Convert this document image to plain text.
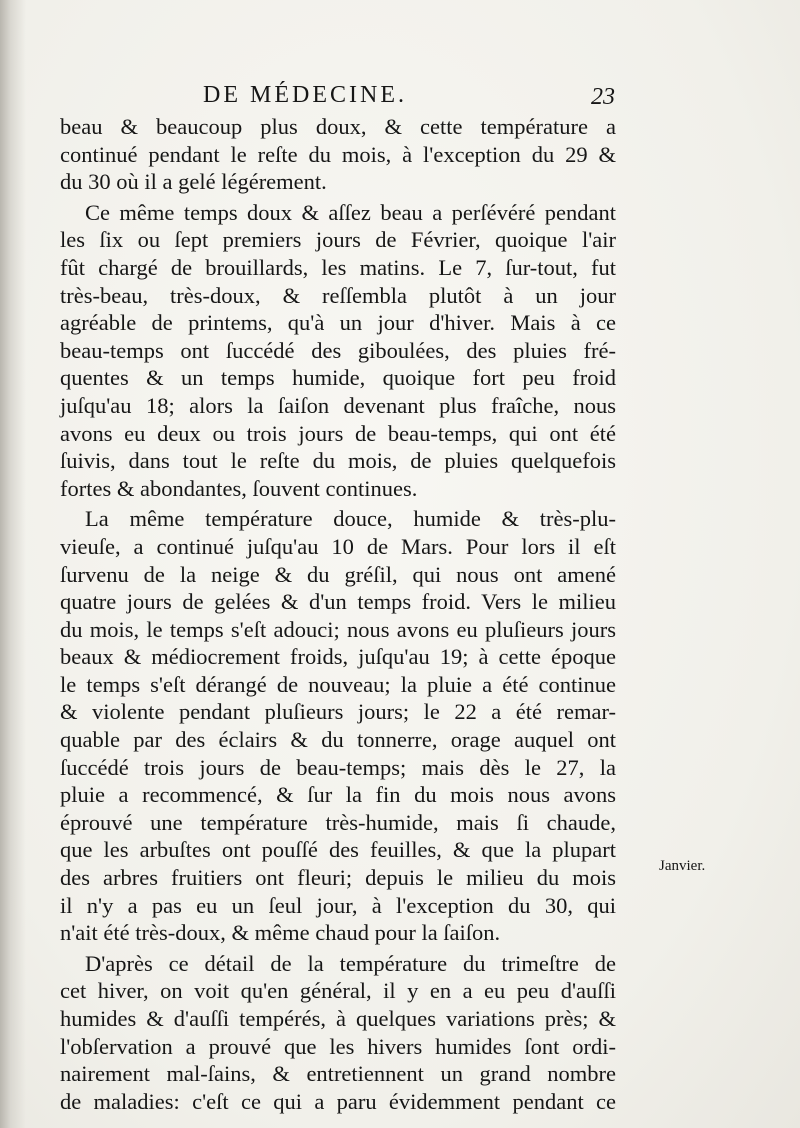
DE MÉDECINE.	23
beau & beaucoup plus doux, & cette température a
continué pendant le reſte du mois, à l'exception du 29 &
du 30 où il a gelé légérement.
Ce même temps doux & aſſez beau a perſévéré pendant
les ſix ou ſept premiers jours de Février, quoique l'air
fût chargé de brouillards, les matins. Le 7, ſur-tout, fut
très-beau, très-doux, & reſſembla plutôt à un jour
agréable de printems, qu'à un jour d'hiver. Mais à ce
beau-temps ont ſuccédé des giboulées, des pluies fré-
quentes & un temps humide, quoique fort peu froid
juſqu'au 18; alors la ſaiſon devenant plus fraîche, nous
avons eu deux ou trois jours de beau-temps, qui ont été
ſuivis, dans tout le reſte du mois, de pluies quelquefois
fortes & abondantes, ſouvent continues.
La même température douce, humide & très-plu-
vieuſe, a continué juſqu'au 10 de Mars. Pour lors il eſt
ſurvenu de la neige & du gréſil, qui nous ont amené
quatre jours de gelées & d'un temps froid. Vers le milieu
du mois, le temps s'eſt adouci; nous avons eu pluſieurs jours
beaux & médiocrement froids, juſqu'au 19; à cette époque
le temps s'eſt dérangé de nouveau; la pluie a été continue
& violente pendant pluſieurs jours; le 22 a été remar-
quable par des éclairs & du tonnerre, orage auquel ont
ſuccédé trois jours de beau-temps; mais dès le 27, la
pluie a recommencé, & ſur la fin du mois nous avons
éprouvé une température très-humide, mais ſi chaude,
que les arbuſtes ont pouſſé des feuilles, & que la plupart
des arbres fruitiers ont fleuri; depuis le milieu du mois
il n'y a pas eu un ſeul jour, à l'exception du 30, qui
n'ait été très-doux, & même chaud pour la ſaiſon.
D'après ce détail de la température du trimeſtre de
cet hiver, on voit qu'en général, il y en a eu peu d'auſſi
humides & d'auſſi tempérés, à quelques variations près; &
l'obſervation a prouvé que les hivers humides ſont ordi-
nairement mal-ſains, & entretiennent un grand nombre
de maladies: c'eſt ce qui a paru évidemment pendant ce
Janvier.
